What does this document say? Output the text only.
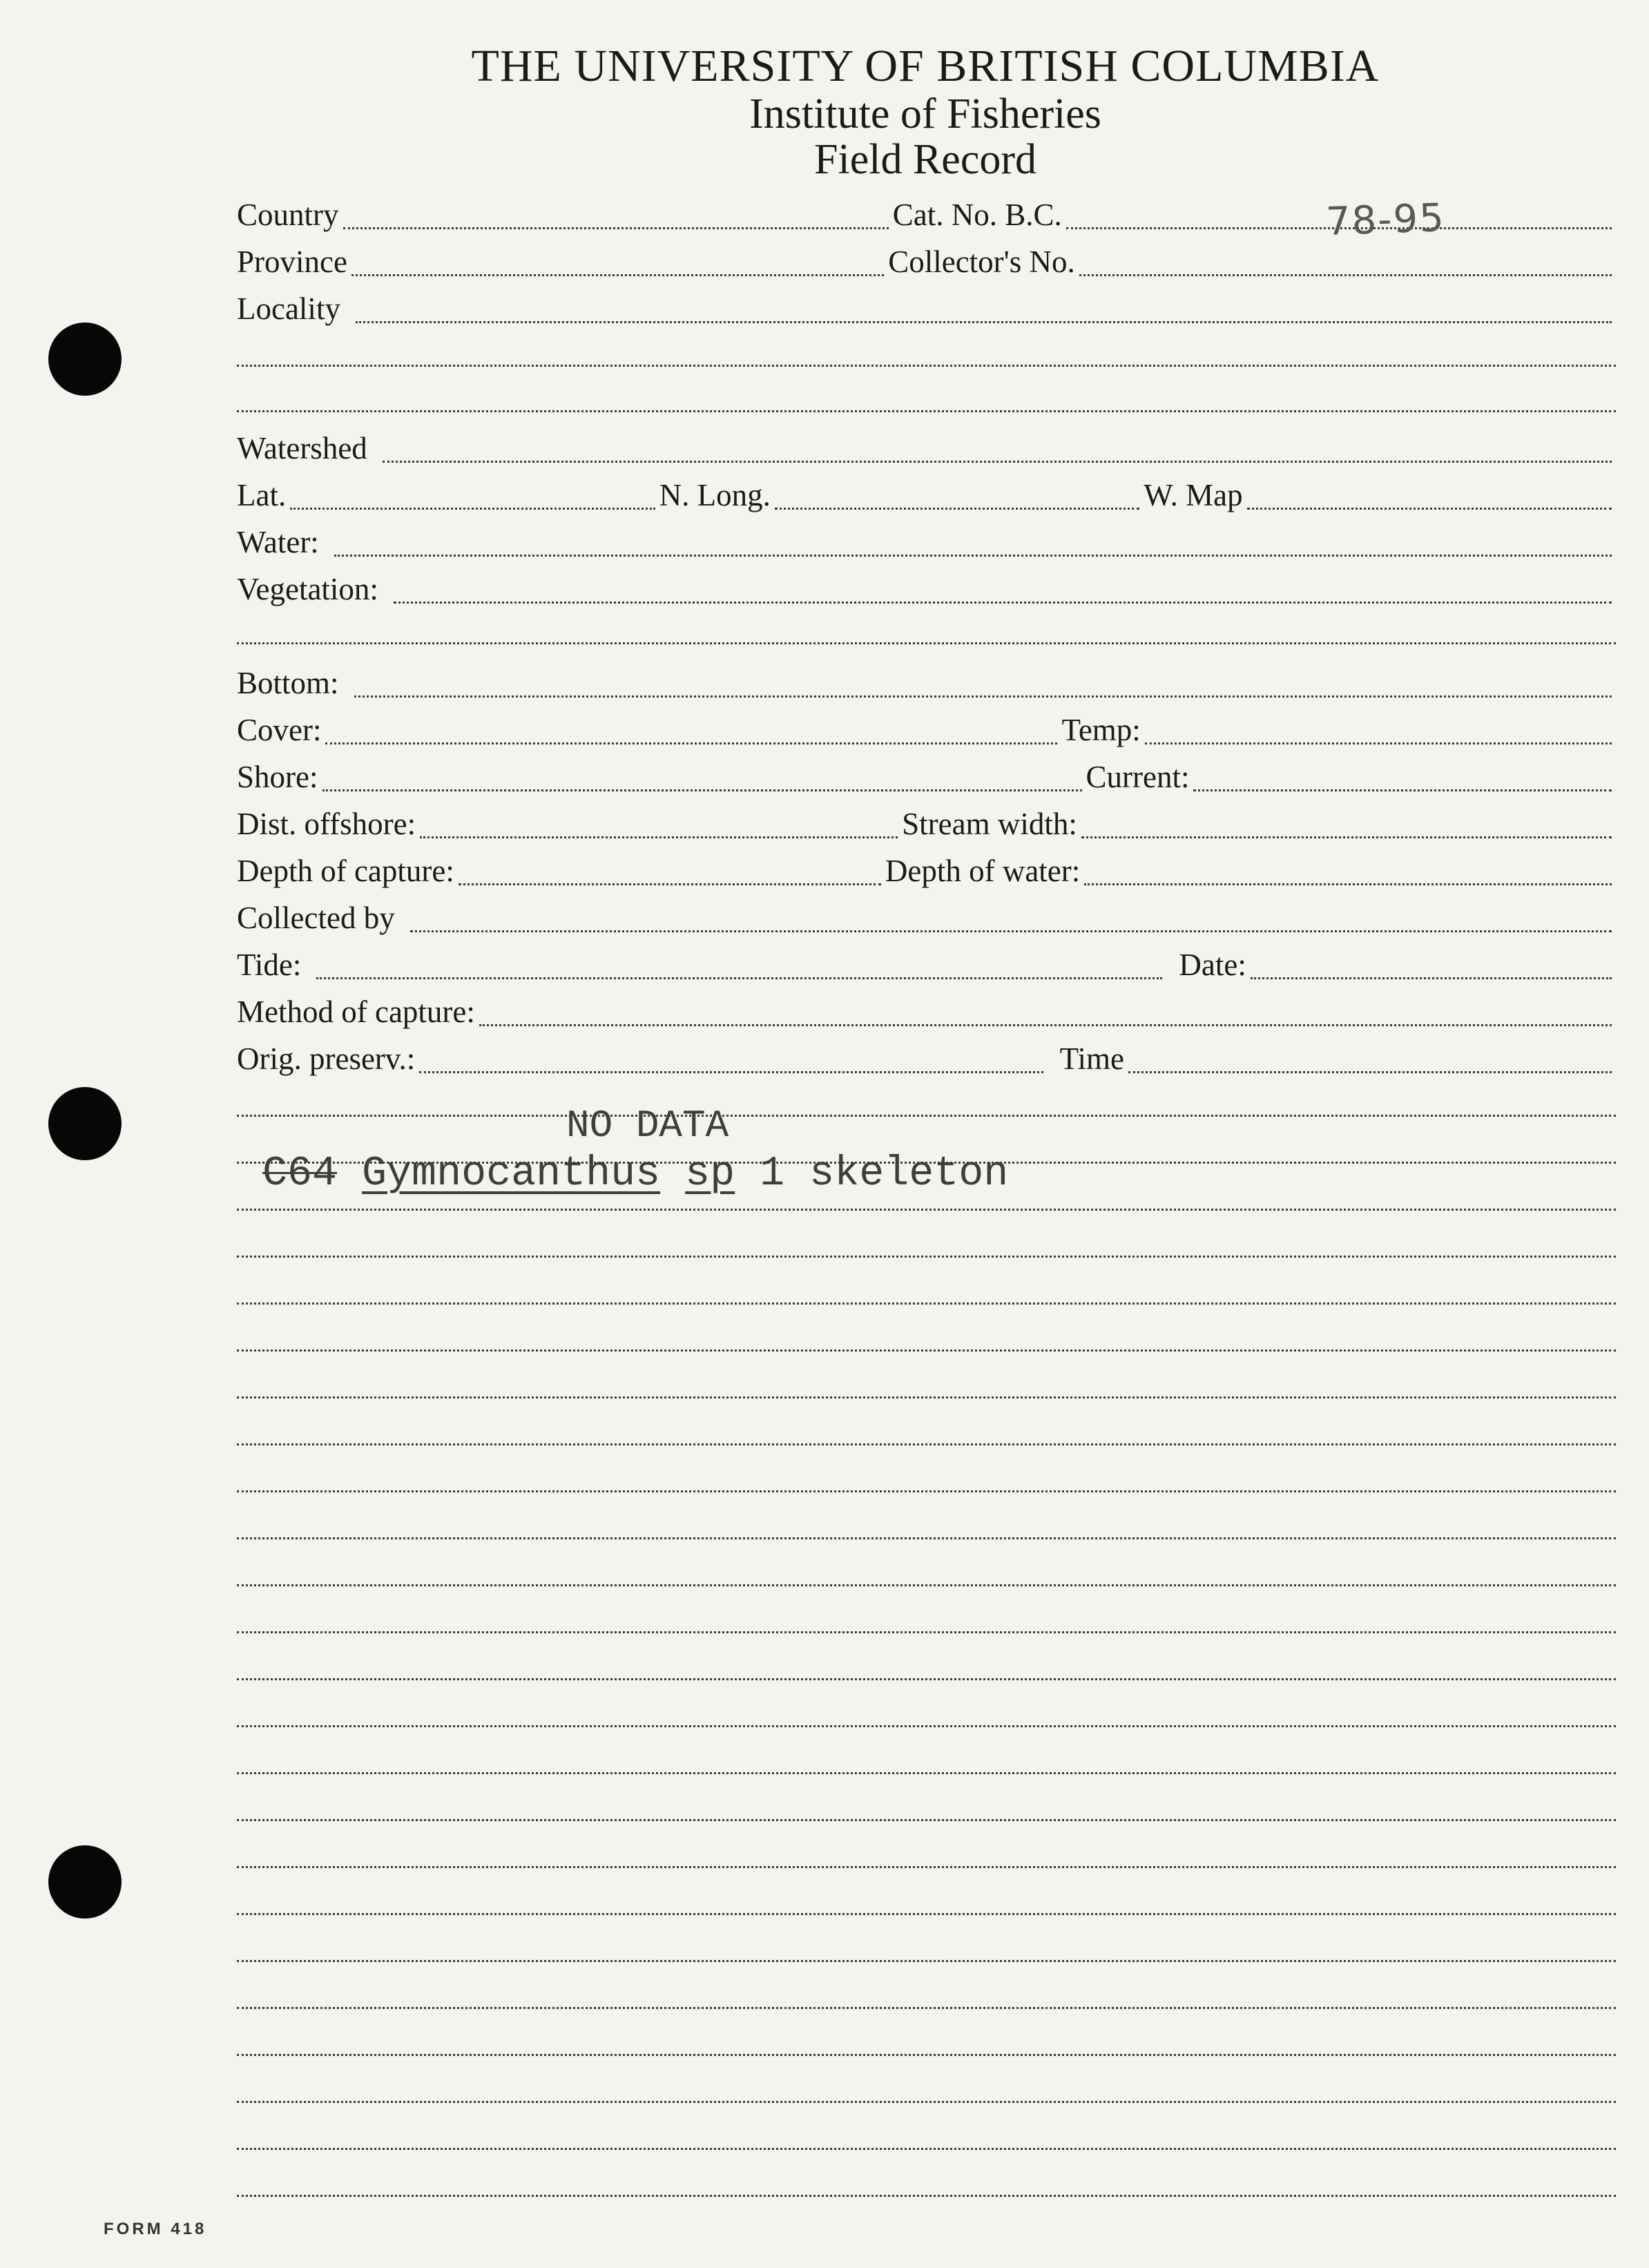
THE UNIVERSITY OF BRITISH COLUMBIA
Institute of Fisheries
Field Record
Country	Cat. No. B.C.	78-95
Province	Collector's No.
Locality
Watershed
Lat.	N. Long.	W. Map
Water:
Vegetation:
Bottom:
Cover:	Temp:
Shore:	Current:
Dist. offshore:	Stream width:
Depth of capture:	Depth of water:
Collected by
Tide:	Date:
Method of capture:
Orig. preserv.:	Time
NO DATA
C64 Gymnocanthus sp 1 skeleton
FORM 418
